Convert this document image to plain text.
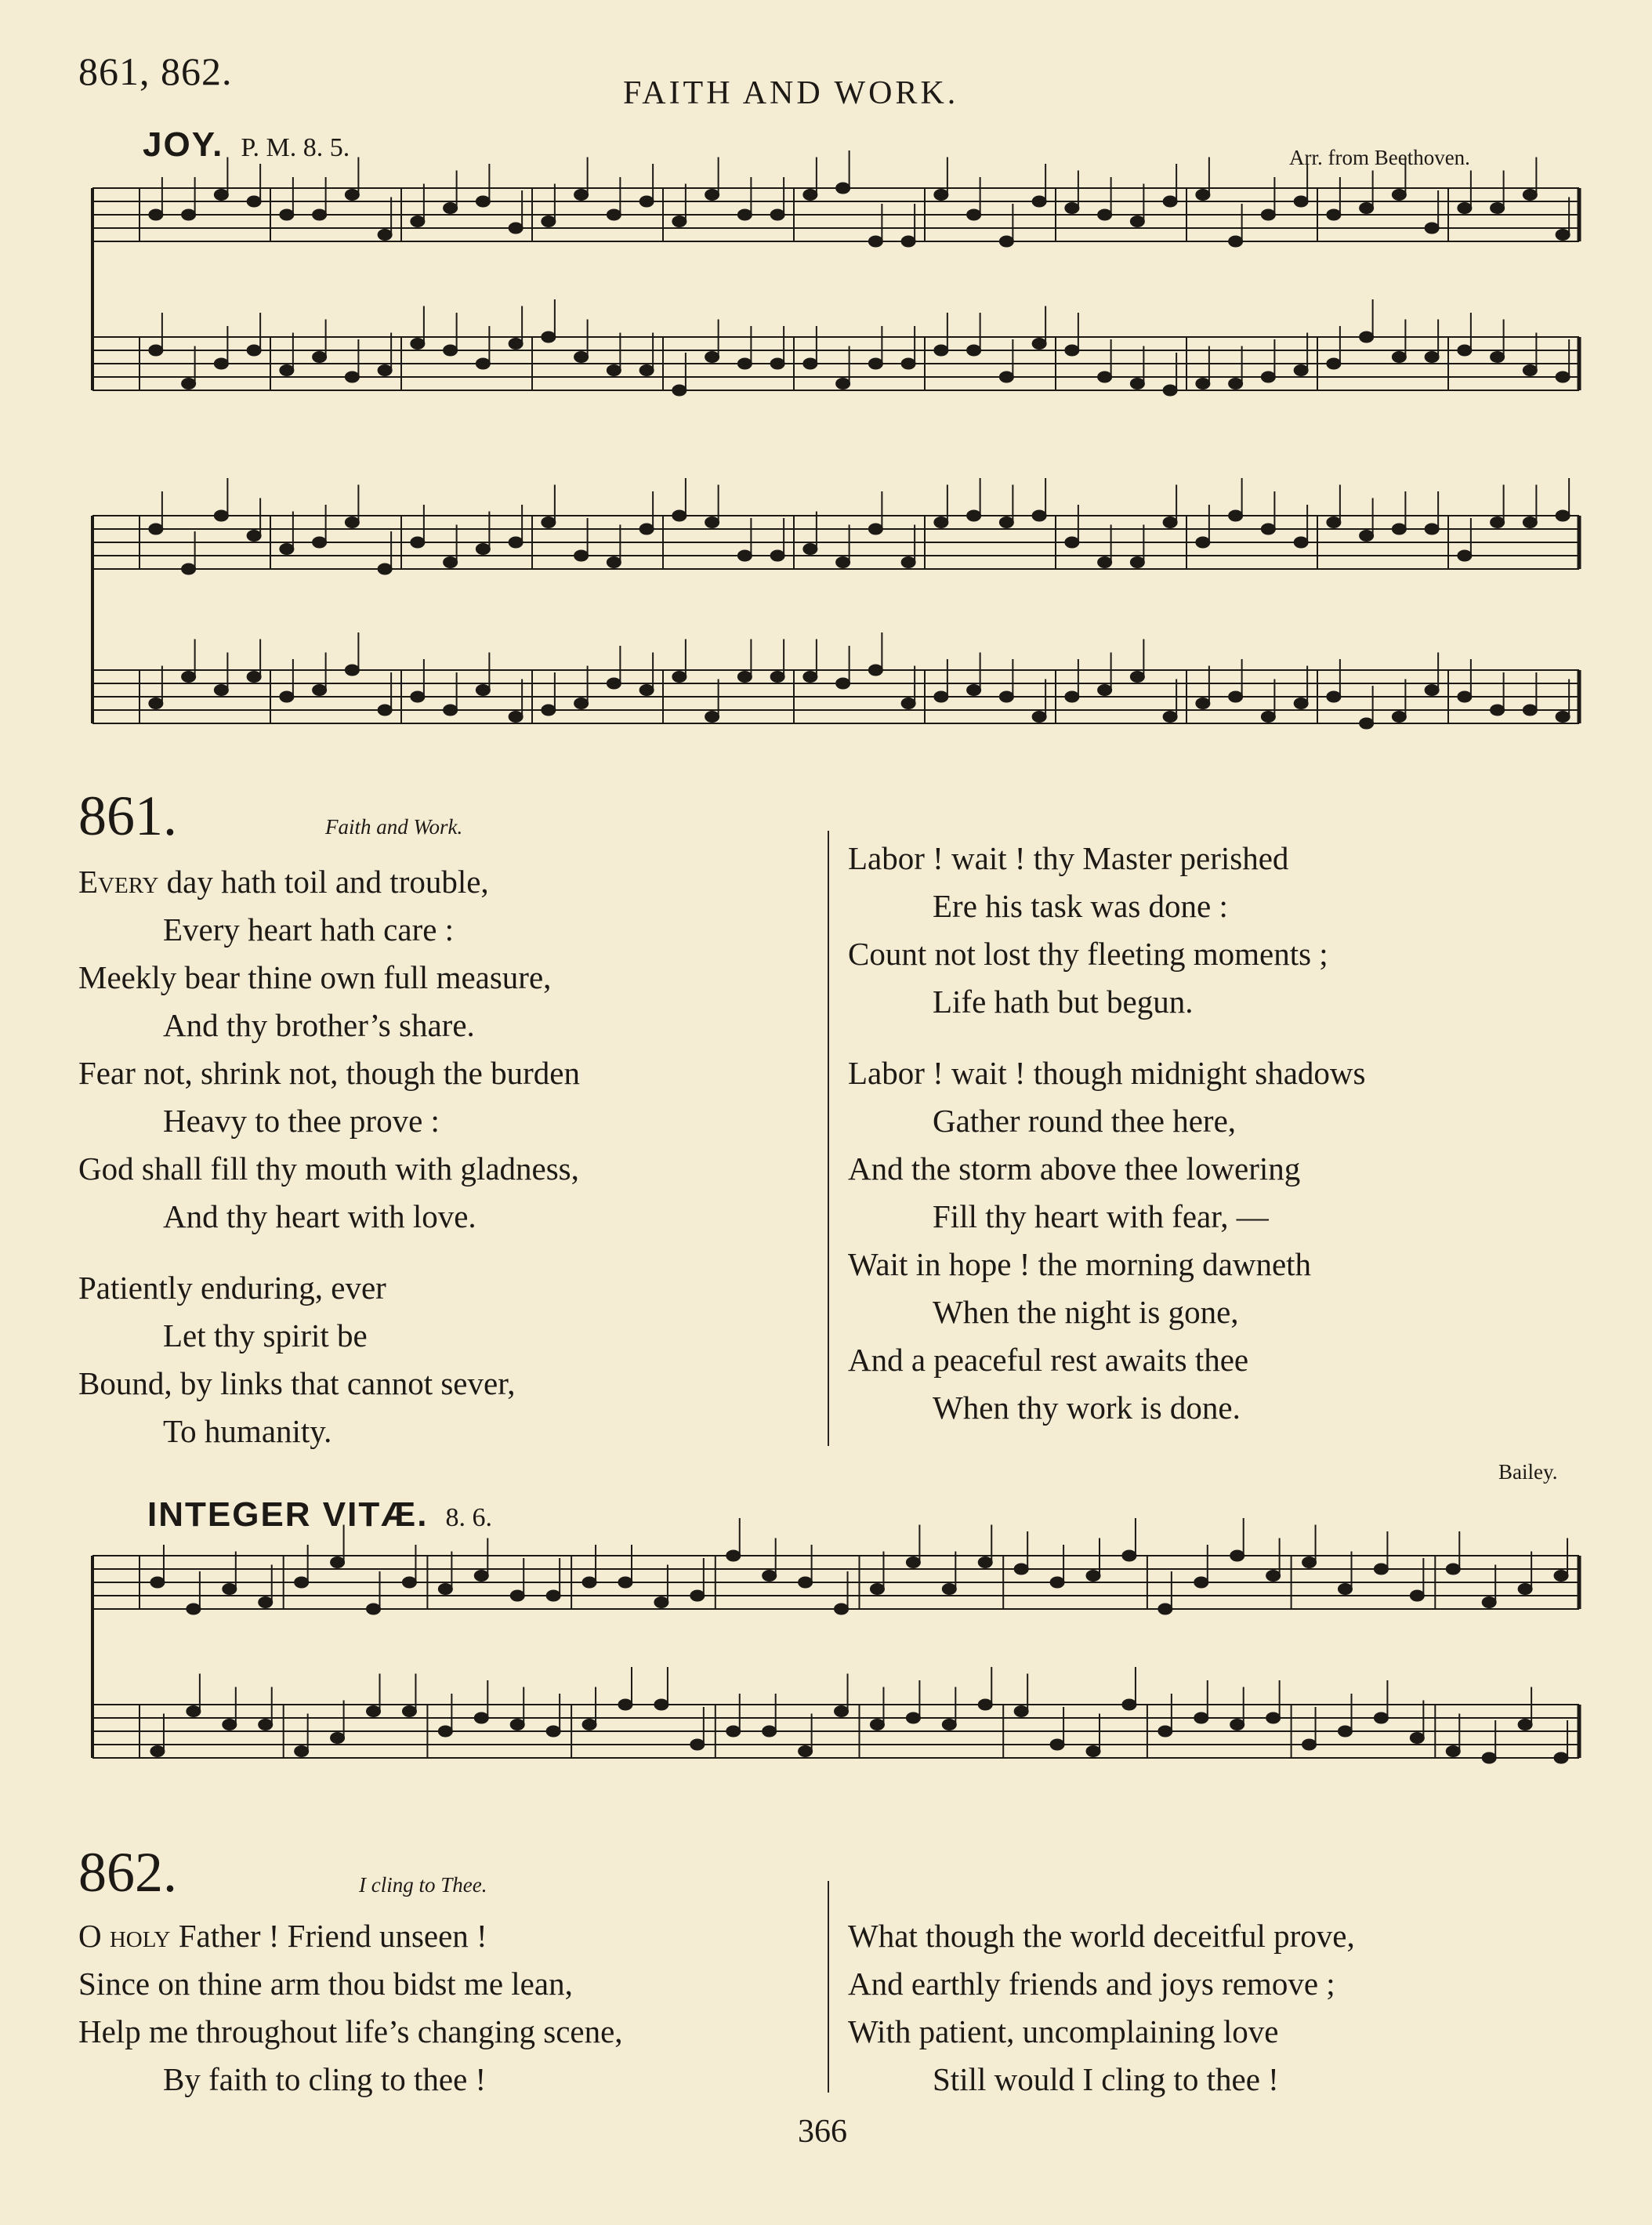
861, 862.	FAITH AND WORK.
JOY. P. M. 8. 5.	Arr. from Beethoven.
861.	Faith and Work.
Every day hath toil and trouble,
Every heart hath care :
Meekly bear thine own full measure,
And thy brother’s share.
Fear not, shrink not, though the burden
Heavy to thee prove :
God shall fill thy mouth with gladness,
And thy heart with love.
Patiently enduring, ever
Let thy spirit be
Bound, by links that cannot sever,
To humanity.
Labor ! wait ! thy Master perished
Ere his task was done :
Count not lost thy fleeting moments ;
Life hath but begun.
Labor ! wait ! though midnight shadows
Gather round thee here,
And the storm above thee lowering
Fill thy heart with fear, —
Wait in hope ! the morning dawneth
When the night is gone,
And a peaceful rest awaits thee
When thy work is done.
Bailey.
INTEGER VITÆ. 8. 6.
862.	I cling to Thee.
O holy Father ! Friend unseen !
Since on thine arm thou bidst me lean,
Help me throughout life’s changing scene,
By faith to cling to thee !
What though the world deceitful prove,
And earthly friends and joys remove ;
With patient, uncomplaining love
Still would I cling to thee !
366
